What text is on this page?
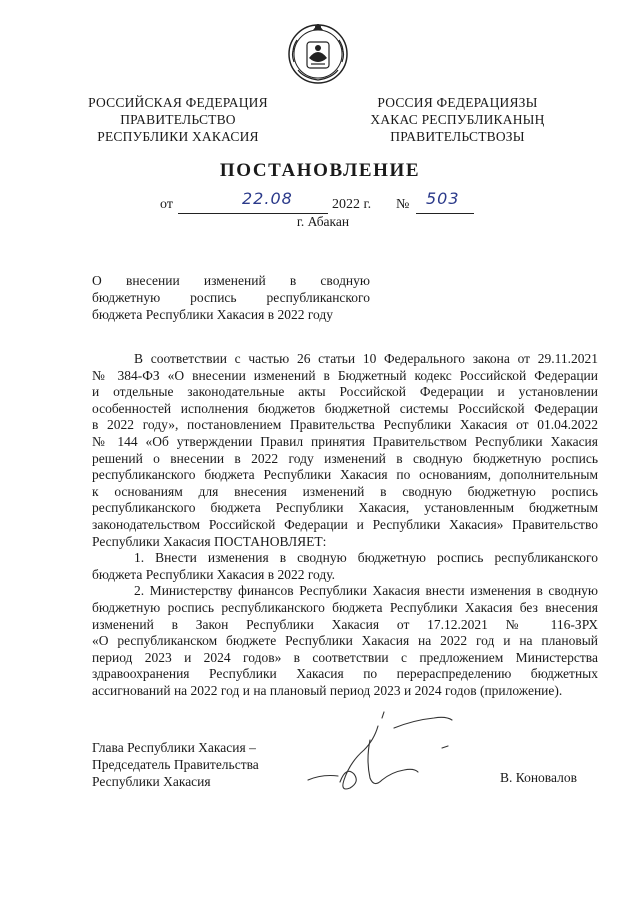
РОССИЙСКАЯ ФЕДЕРАЦИЯ
ПРАВИТЕЛЬСТВО
РЕСПУБЛИКИ ХАКАСИЯ
РОССИЯ ФЕДЕРАЦИЯЗЫ
ХАКАС РЕСПУБЛИКАНЫҢ
ПРАВИТЕЛЬСТВОЗЫ
ПОСТАНОВЛЕНИЕ
от	22.08	2022 г. № 503
г. Абакан
О внесении изменений в сводную
бюджетную роспись республиканского
бюджета Республики Хакасия в 2022 году
В соответствии с частью 26 статьи 10 Федерального закона от 29.11.2021
№ 384-ФЗ «О внесении изменений в Бюджетный кодекс Российской Федерации
и отдельные законодательные акты Российской Федерации и установлении
особенностей исполнения бюджетов бюджетной системы Российской Федерации
в 2022 году», постановлением Правительства Республики Хакасия от 01.04.2022
№ 144 «Об утверждении Правил принятия Правительством Республики Хакасия
решений о внесении в 2022 году изменений в сводную бюджетную роспись
республиканского бюджета Республики Хакасия по основаниям, дополнительным
к основаниям для внесения изменений в сводную бюджетную роспись
республиканского бюджета Республики Хакасия, установленным бюджетным
законодательством Российской Федерации и Республики Хакасия» Правительство
Республики Хакасия ПОСТАНОВЛЯЕТ:
1. Внести изменения в сводную бюджетную роспись республиканского
бюджета Республики Хакасия в 2022 году.
2. Министерству финансов Республики Хакасия внести изменения в сводную
бюджетную роспись республиканского бюджета Республики Хакасия без внесения
изменений в Закон Республики Хакасия от 17.12.2021 № 116-ЗРХ
«О республиканском бюджете Республики Хакасия на 2022 год и на плановый
период 2023 и 2024 годов» в соответствии с предложением Министерства
здравоохранения Республики Хакасия по перераспределению бюджетных
ассигнований на 2022 год и на плановый период 2023 и 2024 годов (приложение).
Глава Республики Хакасия –
Председатель Правительства
Республики Хакасия	В. Коновалов
